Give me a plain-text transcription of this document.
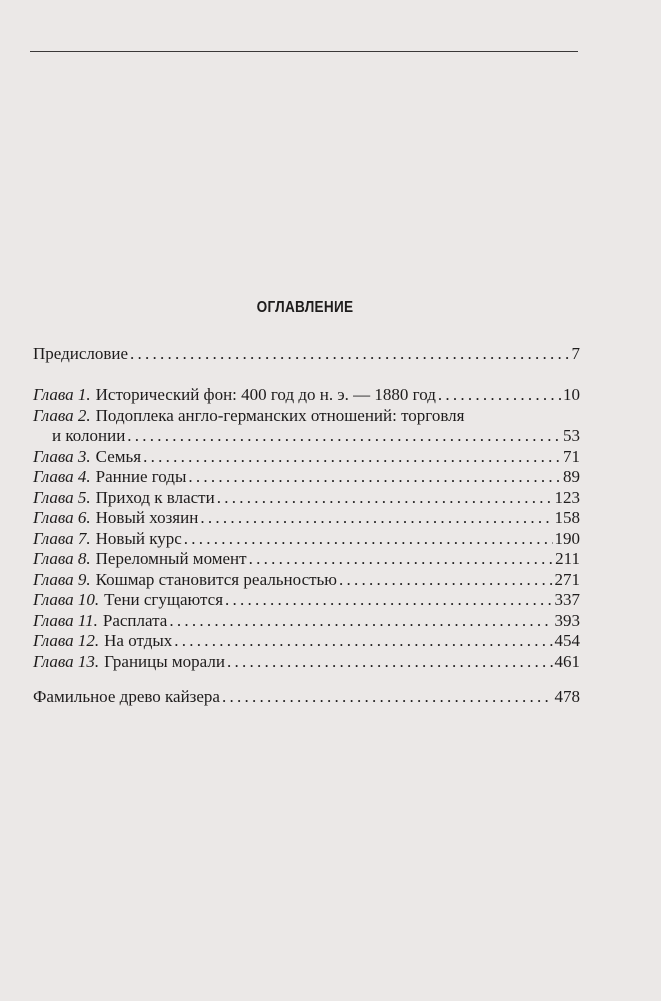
ОГЛАВЛЕНИЕ
Предисловие . . .	7
Глава 1. Исторический фон: 400 год до н. э. — 1880 год . . .	10
Глава 2. Подоплека англо-германских отношений: торговля
и колонии . . .	53
Глава 3. Семья . . .	71
Глава 4. Ранние годы . . .	89
Глава 5. Приход к власти . . .	123
Глава 6. Новый хозяин . . .	158
Глава 7. Новый курс . . .	190
Глава 8. Переломный момент . . .	211
Глава 9. Кошмар становится реальностью . . .	271
Глава 10. Тени сгущаются . . .	337
Глава 11. Расплата . . .	393
Глава 12. На отдых . . .	454
Глава 13. Границы морали . . .	461
Фамильное древо кайзера . . .	478
